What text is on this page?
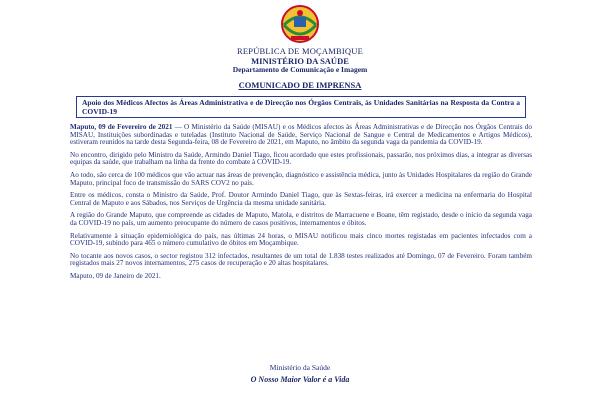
REPÚBLICA DE MOÇAMBIQUE
MINISTÉRIO DA SAÚDE
Departamento de Comunicação e Imagem
COMUNICADO DE IMPRENSA
Apoio dos Médicos Afectos às Áreas Administrativa e de Direcção nos Órgãos Centrais, às Unidades Sanitárias na Resposta da Contra a COVID-19

Maputo, 09 de Fevereiro de 2021 — O Ministério da Saúde (MISAU) e os Médicos afectos às Áreas Administrativas e de Direcção nos Órgãos Centrais do MISAU, Instituições subordinadas e tuteladas (Instituto Nacional de Saúde, Serviço Nacional de Sangue e Central de Medicamentos e Artigos Médicos), estiveram reunidos na tarde desta Segunda-feira, 08 de Fevereiro de 2021, em Maputo, no âmbito da segunda vaga da pandemia da COVID-19.

No encontro, dirigido pelo Ministro da Saúde, Armindo Daniel Tiago, ficou acordado que estes profissionais, passarão, nos próximos dias, a integrar as diversas equipas da saúde, que trabalham na linha da frente do combate à COVID-19.

Ao todo, são cerca de 100 médicos que vão actuar nas áreas de prevenção, diagnóstico e assistência médica, junto às Unidades Hospitalares da região do Grande Maputo, principal foco de transmissão do SARS COV2 no país.

Entre os médicos, consta o Ministro da Saúde, Prof. Doutor Armindo Daniel Tiago, que às Sextas-feiras, irá exercer a medicina na enfermaria do Hospital Central de Maputo e aos Sábados, nos Serviços de Urgência da mesma unidade sanitária.

A região do Grande Maputo, que compreende as cidades de Maputo, Matola, e distritos de Marracuene e Boane, têm registado, desde o início da segunda vaga da COVID-19 no país, um aumento preocupante do número de casos positivos, internamentos e óbitos.

Relativamente à situação epidemiológica do país, nas últimas 24 horas, o MISAU notificou mais cinco mortes registadas em pacientes infectados com a COVID-19, subindo para 465 o número cumulativo de óbitos em Moçambique.

No tocante aos novos casos, o sector registou 312 infectados, resultantes de um total de 1.838 testes realizados até Domingo, 07 de Fevereiro. Foram também registados mais 27 novos internamentos, 275 casos de recuperação e 20 altas hospitalares.

Maputo, 09 de Janeiro de 2021.

Ministério da Saúde
O Nosso Maior Valor é a Vida
